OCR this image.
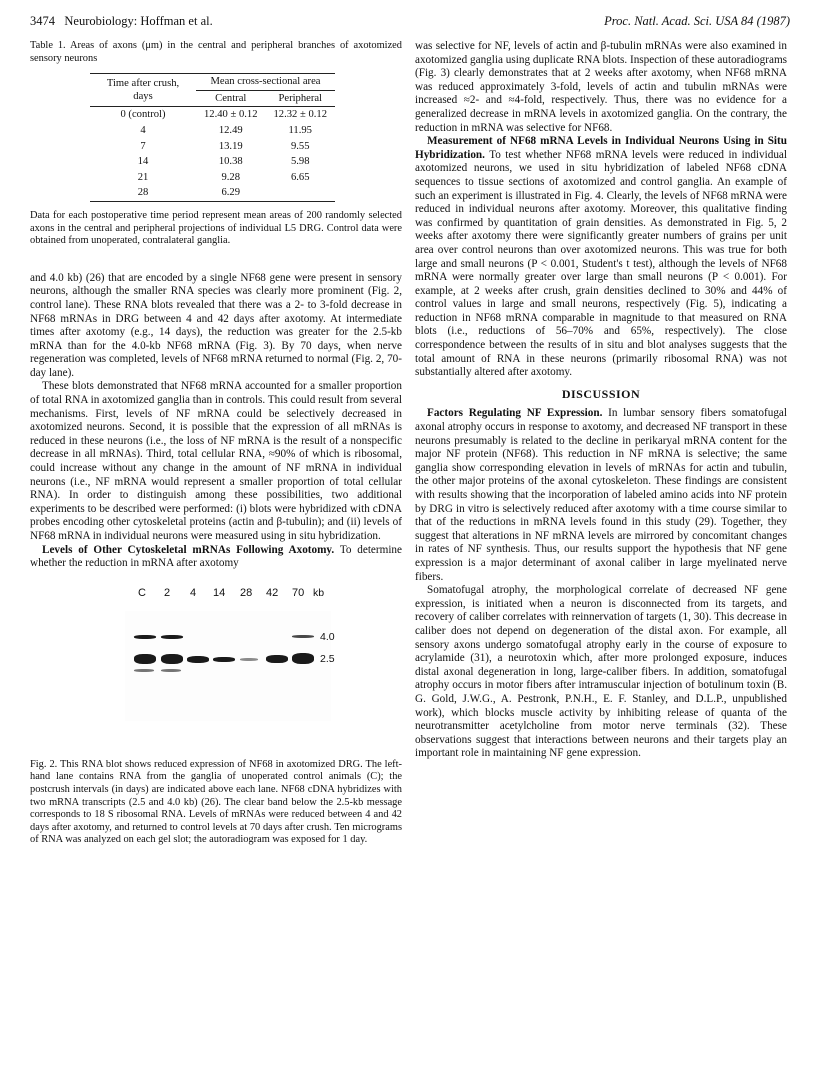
3474 Neurobiology: Hoffman et al.	Proc. Natl. Acad. Sci. USA 84 (1987)
Table 1. Areas of axons (μm) in the central and peripheral branches of axotomized sensory neurons
Time after crush, days	Mean cross-sectional area	
	Central	Peripheral
0 (control)	12.40 ± 0.12	12.32 ± 0.12
4	12.49	11.95
7	13.19	9.55
14	10.38	5.98
21	9.28	6.65
28	6.29	
Data for each postoperative time period represent mean areas of 200 randomly selected axons in the central and peripheral projections of individual L5 DRG. Control data were obtained from unoperated, contralateral ganglia.

and 4.0 kb) (26) that are encoded by a single NF68 gene were present in sensory neurons, although the smaller RNA species was clearly more prominent (Fig. 2, control lane). These RNA blots revealed that there was a 2- to 3-fold decrease in NF68 mRNAs in DRG between 4 and 42 days after axotomy. At intermediate times after axotomy (e.g., 14 days), the reduction was greater for the 2.5-kb mRNA than for the 4.0-kb NF68 mRNA (Fig. 3). By 70 days, when nerve regeneration was completed, levels of NF68 mRNA returned to normal (Fig. 2, 70-day lane).

These blots demonstrated that NF68 mRNA accounted for a smaller proportion of total RNA in axotomized ganglia than in controls. This could result from several mechanisms. First, levels of NF mRNA could be selectively decreased in axotomized neurons. Second, it is possible that the expression of all mRNAs is reduced in these neurons (i.e., the loss of NF mRNA is the result of a nonspecific decrease in all mRNAs). Third, total cellular RNA, ≈90% of which is ribosomal, could increase without any change in the amount of NF mRNA in individual neurons (i.e., NF mRNA would represent a smaller proportion of total cellular RNA). In order to distinguish among these possibilities, two additional experiments to be described were performed: (i) blots were hybridized with cDNA probes encoding other cytoskeletal proteins (actin and β-tubulin); and (ii) levels of NF68 mRNA in individual neurons were measured using in situ hybridization.

Levels of Other Cytoskeletal mRNAs Following Axotomy. To determine whether the reduction in mRNA after axotomy

C 2 4 14 28 42 70 kb
4.0
2.5
Fig. 2. This RNA blot shows reduced expression of NF68 in axotomized DRG. The left-hand lane contains RNA from the ganglia of unoperated control animals (C); the postcrush intervals (in days) are indicated above each lane. NF68 cDNA hybridizes with two mRNA transcripts (2.5 and 4.0 kb) (26). The clear band below the 2.5-kb message corresponds to 18 S ribosomal RNA. Levels of mRNAs were reduced between 4 and 42 days after axotomy, and returned to control levels at 70 days after crush. Ten micrograms of RNA was analyzed on each gel slot; the autoradiogram was exposed for 1 day.

was selective for NF, levels of actin and β-tubulin mRNAs were also examined in axotomized ganglia using duplicate RNA blots. Inspection of these autoradiograms (Fig. 3) clearly demonstrates that at 2 weeks after axotomy, when NF68 mRNA was reduced approximately 3-fold, levels of actin and tubulin mRNAs were increased ≈2- and ≈4-fold, respectively. Thus, there was no evidence for a generalized decrease in mRNA levels in axotomized ganglia. On the contrary, the reduction in mRNA was selective for NF68.

Measurement of NF68 mRNA Levels in Individual Neurons Using in Situ Hybridization. To test whether NF68 mRNA levels were reduced in individual axotomized neurons, we used in situ hybridization of labeled NF68 cDNA sequences to tissue sections of axotomized and control ganglia. An example of such an experiment is illustrated in Fig. 4. Clearly, the levels of NF68 mRNA were reduced in individual neurons after axotomy. Moreover, this qualitative finding was confirmed by quantitation of grain densities. As demonstrated in Fig. 5, 2 weeks after axotomy there were significantly greater numbers of grains per unit area over control neurons than over axotomized neurons. This was true for both large and small neurons (P < 0.001, Student's t test), although the levels of NF68 mRNA were normally greater over large than small neurons (P < 0.001). For example, at 2 weeks after crush, grain densities declined to 30% and 44% of control values in large and small neurons, respectively (Fig. 5), indicating a reduction in NF68 mRNA comparable in magnitude to that measured on RNA blots (i.e., reductions of 56–70% and 65%, respectively). The close correspondence between the results of in situ and blot analyses suggests that the total amount of RNA in these neurons (primarily ribosomal RNA) was not substantially altered after axotomy.

DISCUSSION

Factors Regulating NF Expression. In lumbar sensory fibers somatofugal axonal atrophy occurs in response to axotomy, and decreased NF transport in these neurons presumably is related to the decline in perikaryal mRNA content for the major NF protein (NF68). This reduction in NF mRNA is selective; the same ganglia show corresponding elevation in levels of mRNAs for actin and tubulin, the other major proteins of the axonal cytoskeleton. These findings are consistent with results showing that the incorporation of labeled amino acids into NF protein by DRG in vitro is selectively reduced after axotomy with a time course similar to that of the reductions in mRNA levels found in this study (29). Together, they suggest that alterations in NF mRNA levels are mirrored by concomitant changes in rates of NF synthesis. Thus, our results support the hypothesis that NF gene expression is a major determinant of axonal caliber in large myelinated nerve fibers.

Somatofugal atrophy, the morphological correlate of decreased NF gene expression, is initiated when a neuron is disconnected from its targets, and recovery of caliber correlates with reinnervation of targets (1, 30). This decrease in caliber does not depend on degeneration of the distal axon. For example, all sensory axons undergo somatofugal atrophy early in the course of exposure to acrylamide (31), a neurotoxin which, after more prolonged exposure, induces distal axonal degeneration in long, large-caliber fibers. In addition, somatofugal atrophy occurs in motor fibers after intramuscular injection of botulinum toxin (B. G. Gold, J.W.G., A. Pestronk, P.N.H., E. F. Stanley, and D.L.P., unpublished work), which blocks muscle activity by inhibiting release of quanta of the neurotransmitter acetylcholine from motor nerve terminals (32). These observations suggest that interactions between neurons and their targets play an important role in maintaining NF gene expression.
